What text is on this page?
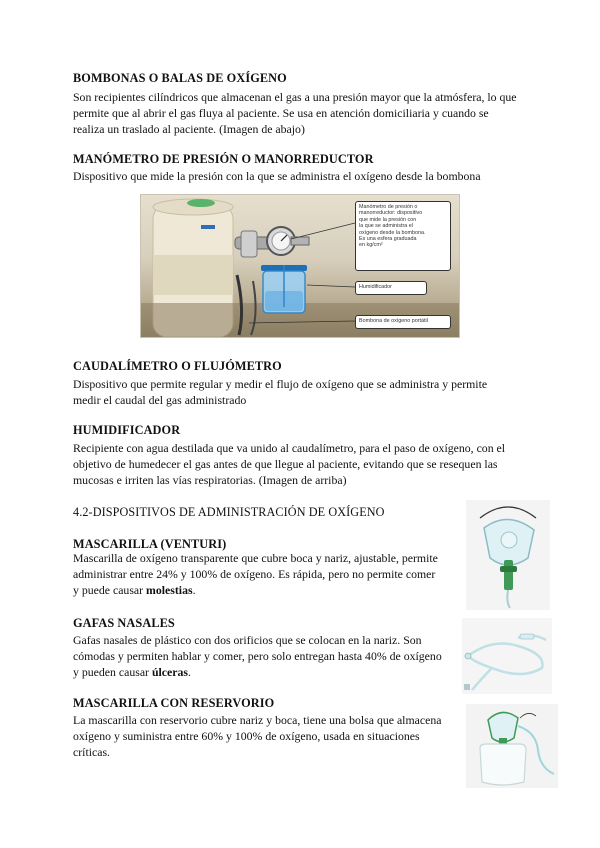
BOMBONAS O BALAS DE OXÍGENO

Son recipientes cilíndricos que almacenan el gas a una presión mayor que la atmósfera, lo que
permite que al abrir el gas fluya al paciente. Se usa en atención domiciliaria y cuando se
realiza un traslado al paciente. (Imagen de abajo)

MANÓMETRO DE PRESIÓN O MANORREDUCTOR

Dispositivo que mide la presión con la que se administra el oxígeno desde la bombona

Manómetro de presión o
manorreductor: dispositivo
que mide la presión con
la que se administra el
oxígeno desde la bombona.
Es una esfera graduada
en kg/cm²
Humidificador
Bombona de oxígeno portátil
CAUDALÍMETRO O FLUJÓMETRO

Dispositivo que permite regular y medir el flujo de oxígeno que se administra y permite
medir el caudal del gas administrado

HUMIDIFICADOR

Recipiente con agua destilada que va unido al caudalímetro, para el paso de oxígeno, con el
objetivo de humedecer el gas antes de que llegue al paciente, evitando que se resequen las
mucosas e irriten las vías respiratorias. (Imagen de arriba)

4.2-DISPOSITIVOS DE ADMINISTRACIÓN DE OXÍGENO
MASCARILLA (VENTURI)

Mascarilla de oxígeno transparente que cubre boca y nariz, ajustable, permite
administrar entre 24% y 100% de oxígeno. Es rápida, pero no permite comer
y puede causar molestias.

GAFAS NASALES

Gafas nasales de plástico con dos orificios que se colocan en la nariz. Son
cómodas y permiten hablar y comer, pero solo entregan hasta 40% de oxígeno
y pueden causar úlceras.

MASCARILLA CON RESERVORIO

La mascarilla con reservorio cubre nariz y boca, tiene una bolsa que almacena
oxígeno y suministra entre 60% y 100% de oxígeno, usada en situaciones
críticas.
